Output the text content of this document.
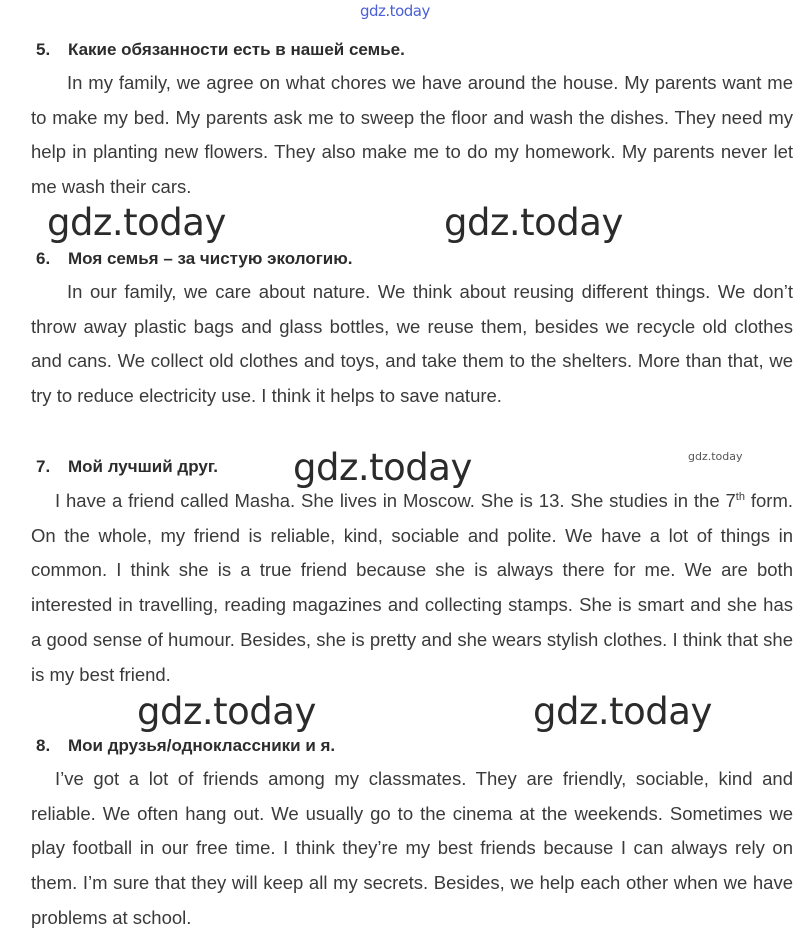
gdz.today
5. Какие обязанности есть в нашей семье.
In my family, we agree on what chores we have around the house. My parents want me to make my bed. My parents ask me to sweep the floor and wash the dishes. They need my help in planting new flowers. They also make me to do my homework. My parents never let me wash their cars.
gdz.today	gdz.today
6. Моя семья – за чистую экологию.
In our family, we care about nature. We think about reusing different things. We don’t throw away plastic bags and glass bottles, we reuse them, besides we recycle old clothes and cans. We collect old clothes and toys, and take them to the shelters. More than that, we try to reduce electricity use. I think it helps to save nature.
7. Мой лучший друг. gdz.today	gdz.today
I have a friend called Masha. She lives in Moscow. She is 13. She studies in the 7th form. On the whole, my friend is reliable, kind, sociable and polite. We have a lot of things in common. I think she is a true friend because she is always there for me. We are both interested in travelling, reading magazines and collecting stamps. She is smart and she has a good sense of humour. Besides, she is pretty and she wears stylish clothes. I think that she is my best friend.
gdz.today	gdz.today
8. Мои друзья/одноклассники и я.
I’ve got a lot of friends among my classmates. They are friendly, sociable, kind and reliable. We often hang out. We usually go to the cinema at the weekends. Sometimes we play football in our free time. I think they’re my best friends because I can always rely on them. I’m sure that they will keep all my secrets. Besides, we help each other when we have problems at school.
